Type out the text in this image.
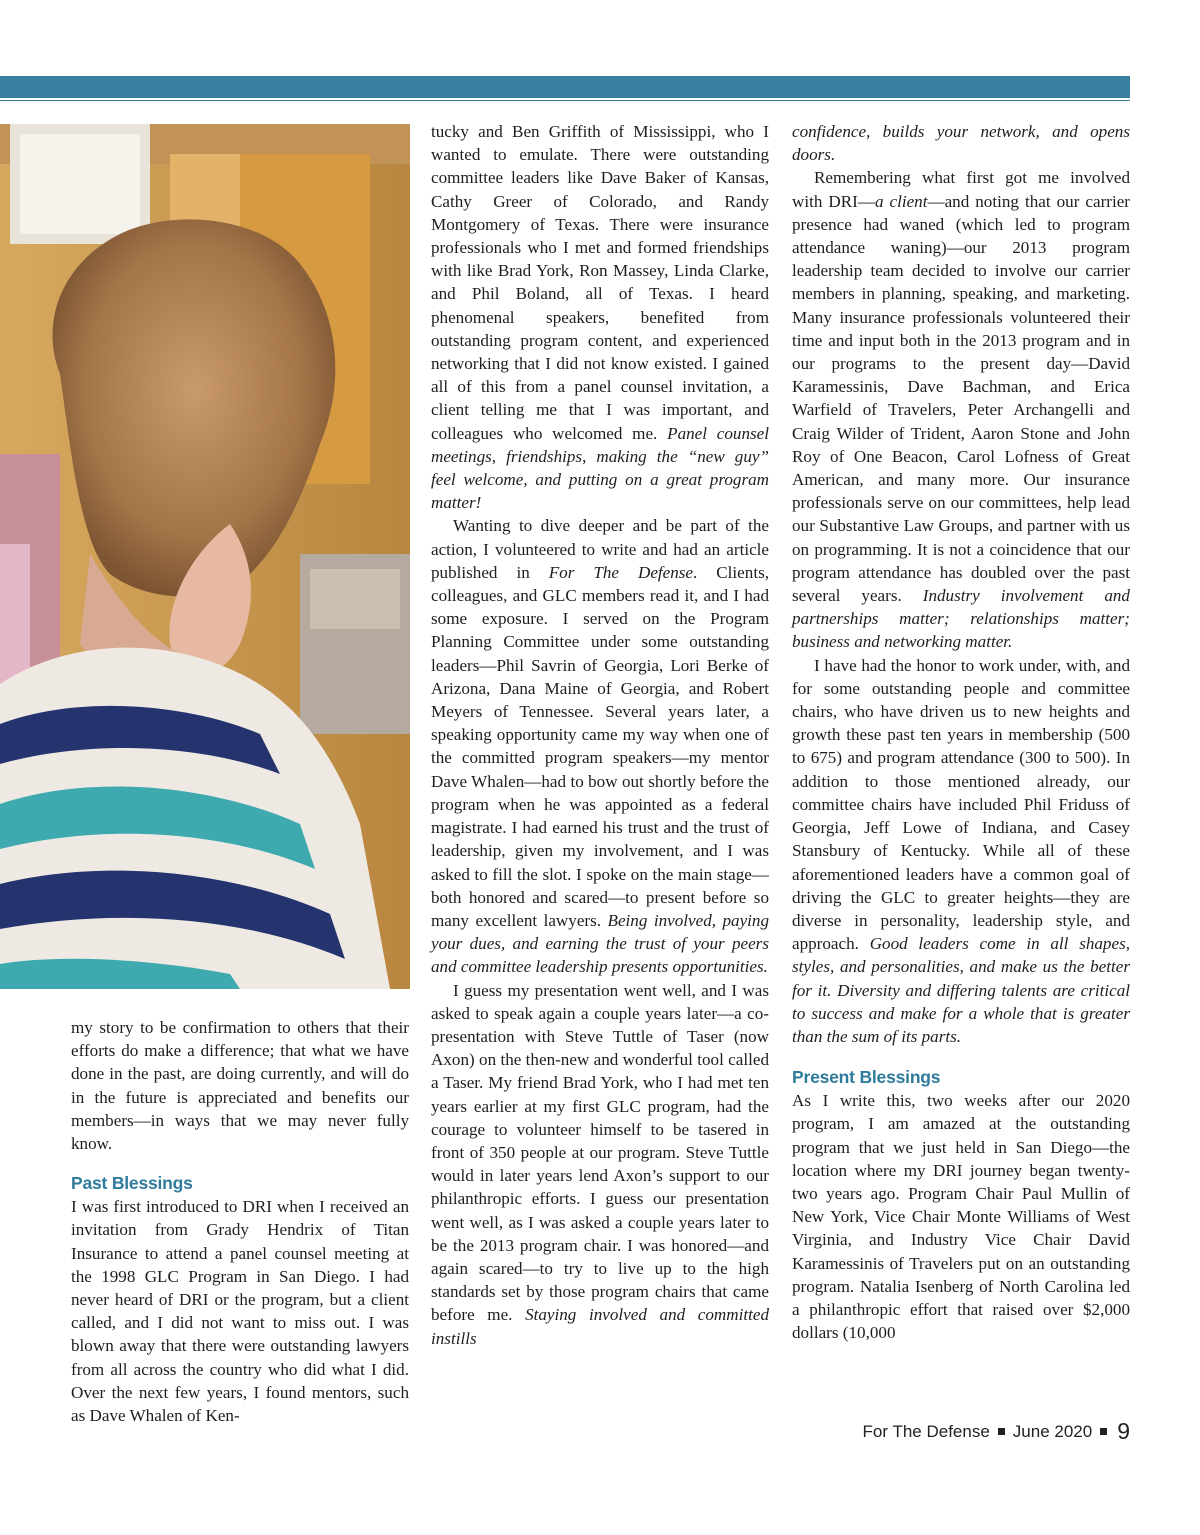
my story to be confirmation to others that their efforts do make a difference; that what we have done in the past, are doing currently, and will do in the future is appreciated and benefits our members—in ways that we may never fully know.

Past Blessings

I was first introduced to DRI when I received an invitation from Grady Hendrix of Titan Insurance to attend a panel counsel meeting at the 1998 GLC Program in San Diego. I had never heard of DRI or the program, but a client called, and I did not want to miss out. I was blown away that there were outstanding lawyers from all across the country who did what I did. Over the next few years, I found mentors, such as Dave Whalen of Ken-

tucky and Ben Griffith of Mississippi, who I wanted to emulate. There were outstanding committee leaders like Dave Baker of Kansas, Cathy Greer of Colorado, and Randy Montgomery of Texas. There were insurance professionals who I met and formed friendships with like Brad York, Ron Massey, Linda Clarke, and Phil Boland, all of Texas. I heard phenomenal speakers, benefited from outstanding program content, and experienced networking that I did not know existed. I gained all of this from a panel counsel invitation, a client telling me that I was important, and colleagues who welcomed me. Panel counsel meetings, friendships, making the “new guy” feel welcome, and putting on a great program matter!

Wanting to dive deeper and be part of the action, I volunteered to write and had an article published in For The Defense. Clients, colleagues, and GLC members read it, and I had some exposure. I served on the Program Planning Committee under some outstanding leaders—Phil Savrin of Georgia, Lori Berke of Arizona, Dana Maine of Georgia, and Robert Meyers of Tennessee. Several years later, a speaking opportunity came my way when one of the committed program speakers—my mentor Dave Whalen—had to bow out shortly before the program when he was appointed as a federal magistrate. I had earned his trust and the trust of leadership, given my involvement, and I was asked to fill the slot. I spoke on the main stage—both honored and scared—to present before so many excellent lawyers. Being involved, paying your dues, and earning the trust of your peers and committee leadership presents opportunities.

I guess my presentation went well, and I was asked to speak again a couple years later—a co-presentation with Steve Tuttle of Taser (now Axon) on the then-new and wonderful tool called a Taser. My friend Brad York, who I had met ten years earlier at my first GLC program, had the courage to volunteer himself to be tasered in front of 350 people at our program. Steve Tuttle would in later years lend Axon’s support to our philanthropic efforts. I guess our presentation went well, as I was asked a couple years later to be the 2013 program chair. I was honored—and again scared—to try to live up to the high standards set by those program chairs that came before me. Staying involved and committed instills

confidence, builds your network, and opens doors.

Remembering what first got me involved with DRI—a client—and noting that our carrier presence had waned (which led to program attendance waning)—our 2013 program leadership team decided to involve our carrier members in planning, speaking, and marketing. Many insurance professionals volunteered their time and input both in the 2013 program and in our programs to the present day—David Karamessinis, Dave Bachman, and Erica Warfield of Travelers, Peter Archangelli and Craig Wilder of Trident, Aaron Stone and John Roy of One Beacon, Carol Lofness of Great American, and many more. Our insurance professionals serve on our committees, help lead our Substantive Law Groups, and partner with us on programming. It is not a coincidence that our program attendance has doubled over the past several years. Industry involvement and partnerships matter; relationships matter; business and networking matter.

I have had the honor to work under, with, and for some outstanding people and committee chairs, who have driven us to new heights and growth these past ten years in membership (500 to 675) and program attendance (300 to 500). In addition to those mentioned already, our committee chairs have included Phil Friduss of Georgia, Jeff Lowe of Indiana, and Casey Stansbury of Kentucky. While all of these aforementioned leaders have a common goal of driving the GLC to greater heights—they are diverse in personality, leadership style, and approach. Good leaders come in all shapes, styles, and personalities, and make us the better for it. Diversity and differing talents are critical to success and make for a whole that is greater than the sum of its parts.

Present Blessings

As I write this, two weeks after our 2020 program, I am amazed at the outstanding program that we just held in San Diego—the location where my DRI journey began twenty-two years ago. Program Chair Paul Mullin of New York, Vice Chair Monte Williams of West Virginia, and Industry Vice Chair David Karamessinis of Travelers put on an outstanding program. Natalia Isenberg of North Carolina led a philanthropic effort that raised over $2,000 dollars (10,000

For The Defense June 2020 9
